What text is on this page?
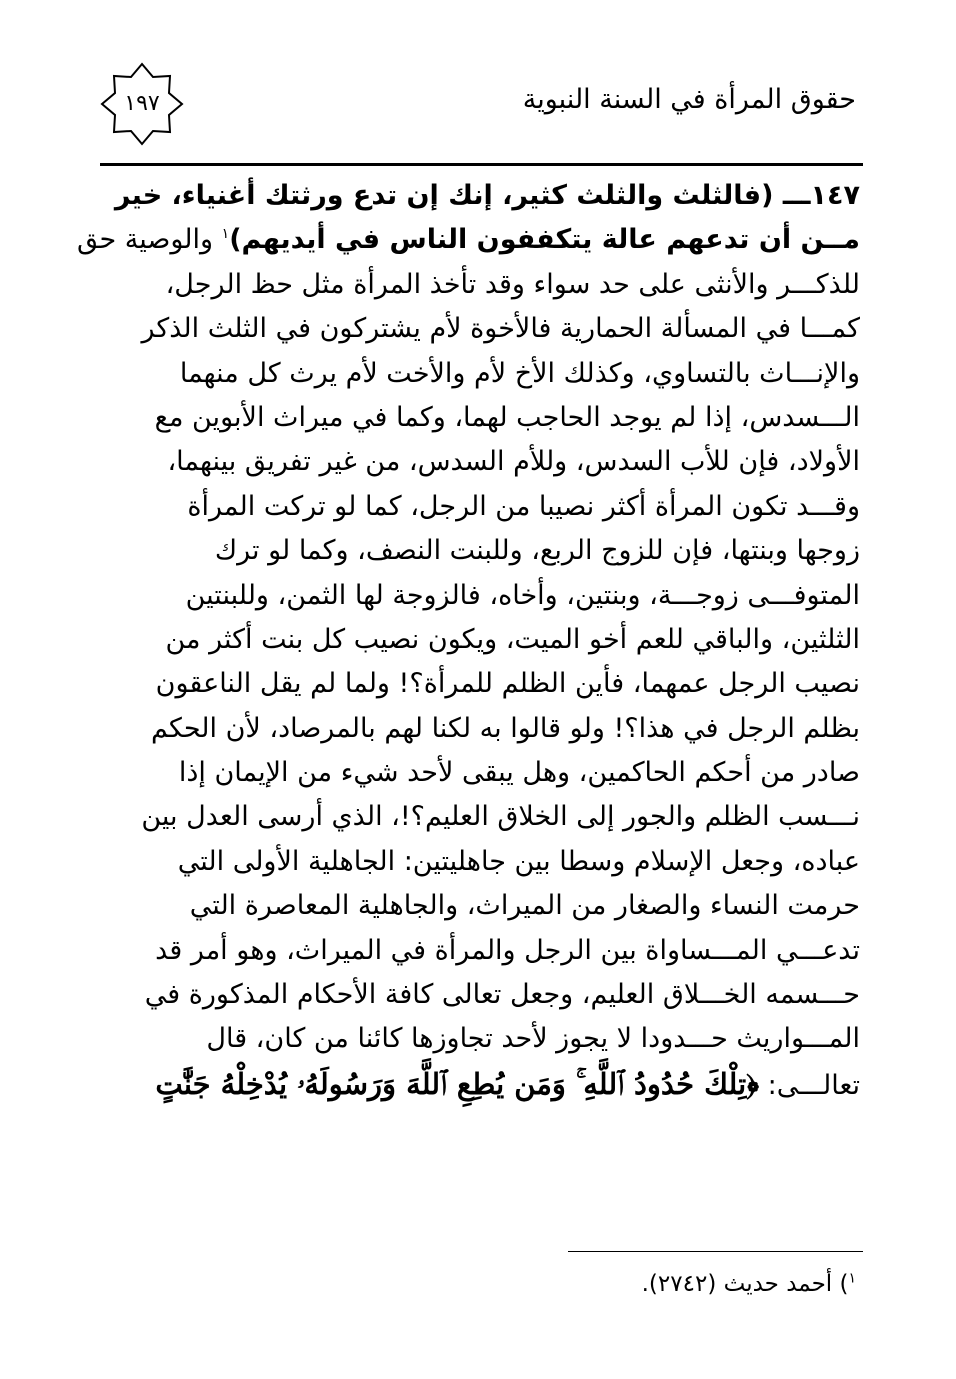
حقوق المرأة في السنة النبوية
١٩٧
١٤٧ـــ (فالثلث والثلث كثير، إنك إن تدع ورثتك أغنياء، خير
مــن أن تدعهم عالة يتكففون الناس في أيديهم)$^١$ والوصية حق
للذكـــر والأنثى على حد سواء وقد تأخذ المرأة مثل حظ الرجل،
كمـــا في المسألة الحمارية فالأخوة لأم يشتركون في الثلث الذكر
والإنـــاث بالتساوي، وكذلك الأخ لأم والأخت لأم يرث كل منهما
الـــسدس، إذا لم يوجد الحاجب لهما، وكما في ميراث الأبوين مع
الأولاد، فإن للأب السدس، وللأم السدس، من غير تفريق بينهما،
وقـــد تكون المرأة أكثر نصيبا من الرجل، كما لو تركت المرأة
زوجها وبنتها، فإن للزوج الربع، وللبنت النصف، وكما لو ترك
المتوفـــى زوجـــة، وبنتين، وأخاه، فالزوجة لها الثمن، وللبنتين
الثلثين، والباقي للعم أخو الميت، ويكون نصيب كل بنت أكثر من
نصيب الرجل عمهما، فأين الظلم للمرأة؟! ولما لم يقل الناعقون
بظلم الرجل في هذا؟! ولو قالوا به لكنا لهم بالمرصاد، لأن الحكم
صادر من أحكم الحاكمين، وهل يبقى لأحد شيء من الإيمان إذا
نـــسب الظلم والجور إلى الخلاق العليم؟!، الذي أرسى العدل بين
عباده، وجعل الإسلام وسطا بين جاهليتين: الجاهلية الأولى التي
حرمت النساء والصغار من الميراث، والجاهلية المعاصرة التي
تدعـــي المـــساواة بين الرجل والمرأة في الميراث، وهو أمر قد
حـــسمه الخـــلاق العليم، وجعل تعالى كافة الأحكام المذكورة في
المـــواريث حـــدودا لا يجوز لأحد تجاوزها كائنا من كان، قال
تعالـــى: ﴿تِلْكَ حُدُودُ ٱللَّهِ ۚ وَمَن يُطِعِ ٱللَّهَ وَرَسُولَهُۥ يُدْخِلْهُ جَنَّٰتٍ
$^١$) أحمد حديث (٢٧٤٢).
